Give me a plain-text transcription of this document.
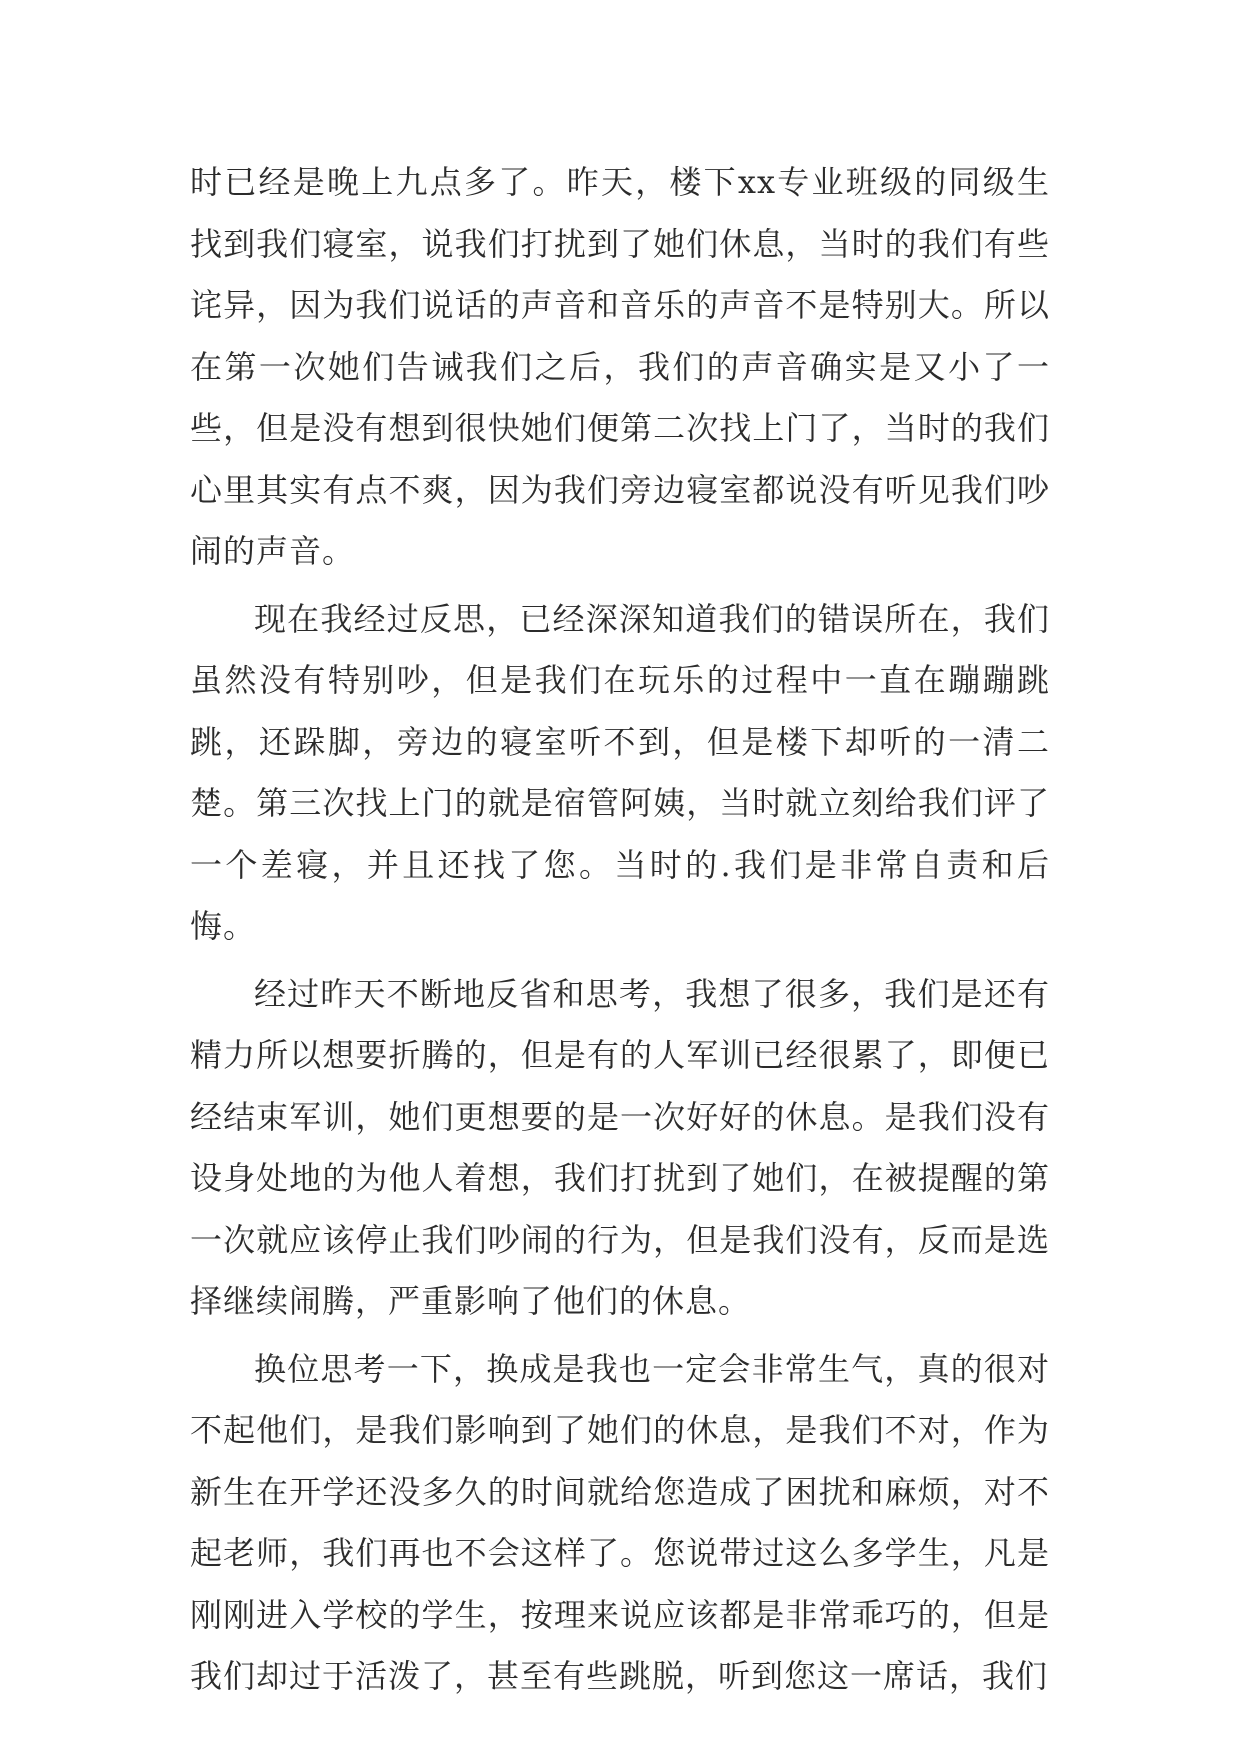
时已经是晚上九点多了。昨天，楼下xx专业班级的同级生找到我们寝室，说我们打扰到了她们休息，当时的我们有些诧异，因为我们说话的声音和音乐的声音不是特别大。所以在第一次她们告诫我们之后，我们的声音确实是又小了一些，但是没有想到很快她们便第二次找上门了，当时的我们心里其实有点不爽，因为我们旁边寝室都说没有听见我们吵闹的声音。

现在我经过反思，已经深深知道我们的错误所在，我们虽然没有特别吵，但是我们在玩乐的过程中一直在蹦蹦跳跳，还跺脚，旁边的寝室听不到，但是楼下却听的一清二楚。第三次找上门的就是宿管阿姨，当时就立刻给我们评了一个差寝，并且还找了您。当时的.我们是非常自责和后悔。

经过昨天不断地反省和思考，我想了很多，我们是还有精力所以想要折腾的，但是有的人军训已经很累了，即便已经结束军训，她们更想要的是一次好好的休息。是我们没有设身处地的为他人着想，我们打扰到了她们，在被提醒的第一次就应该停止我们吵闹的行为，但是我们没有，反而是选择继续闹腾，严重影响了他们的休息。

换位思考一下，换成是我也一定会非常生气，真的很对不起他们，是我们影响到了她们的休息，是我们不对，作为新生在开学还没多久的时间就给您造成了困扰和麻烦，对不起老师，我们再也不会这样了。您说带过这么多学生，凡是刚刚进入学校的学生，按理来说应该都是非常乖巧的，但是我们却过于活泼了，甚至有些跳脱，听到您这一席话，我们
